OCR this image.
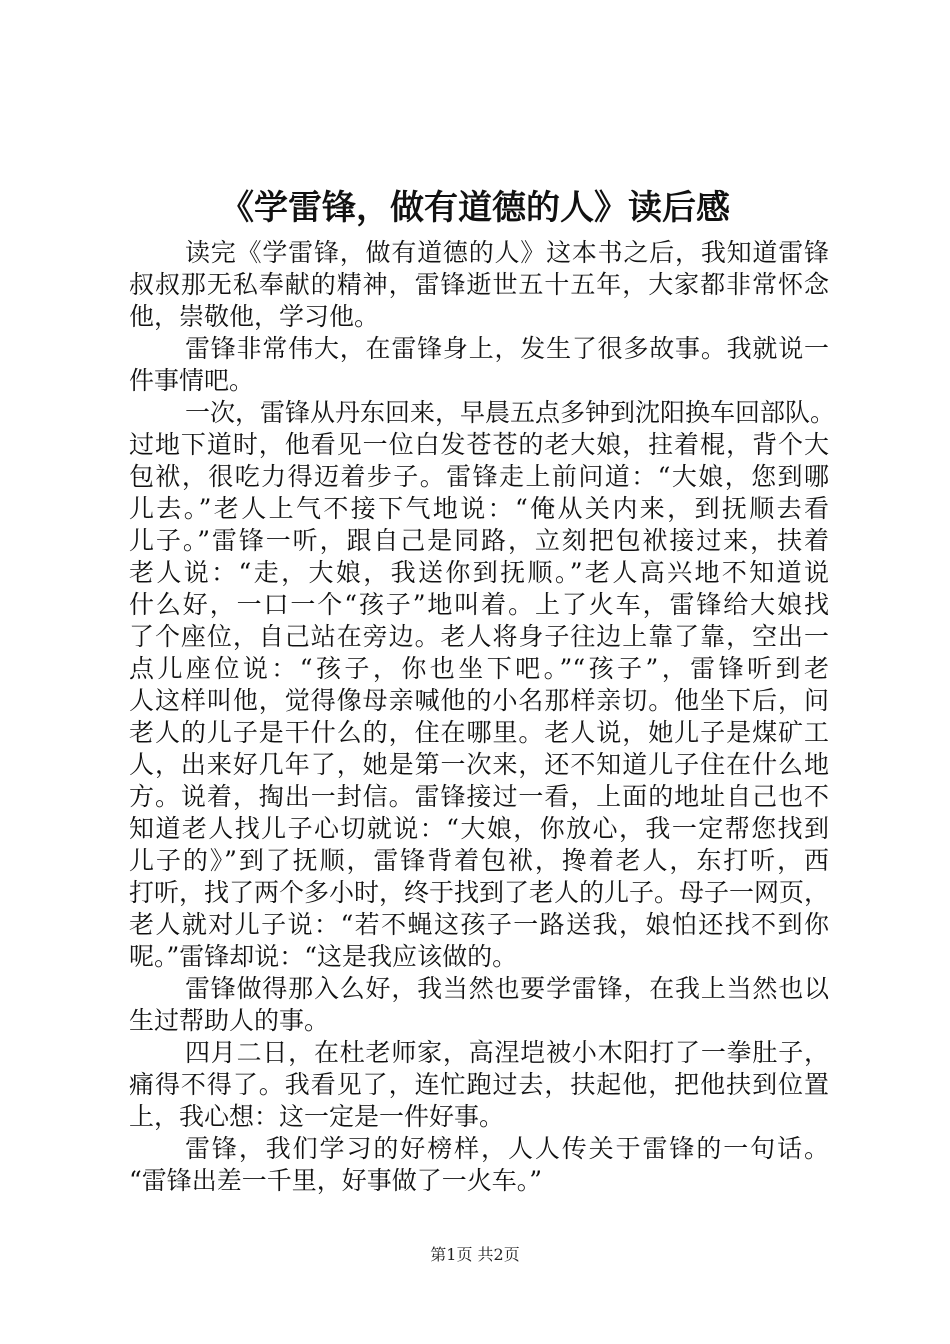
《学雷锋，做有道德的人》读后感
读完《学雷锋，做有道德的人》这本书之后，我知道雷锋
叔叔那无私奉献的精神，雷锋逝世五十五年，大家都非常怀念
他，崇敬他，学习他。
雷锋非常伟大，在雷锋身上，发生了很多故事。我就说一
件事情吧。
一次，雷锋从丹东回来，早晨五点多钟到沈阳换车回部队。
过地下道时，他看见一位白发苍苍的老大娘，拄着棍，背个大
包袱，很吃力得迈着步子。雷锋走上前问道：“大娘，您到哪
儿去。”老人上气不接下气地说：“俺从关内来，到抚顺去看
儿子。”雷锋一听，跟自己是同路，立刻把包袱接过来，扶着
老人说：“走，大娘，我送你到抚顺。”老人高兴地不知道说
什么好，一口一个“孩子”地叫着。上了火车，雷锋给大娘找
了个座位，自己站在旁边。老人将身子往边上靠了靠，空出一
点儿座位说：“孩子，你也坐下吧。”“孩子”，雷锋听到老
人这样叫他，觉得像母亲喊他的小名那样亲切。他坐下后，问
老人的儿子是干什么的，住在哪里。老人说，她儿子是煤矿工
人，出来好几年了，她是第一次来，还不知道儿子住在什么地
方。说着，掏出一封信。雷锋接过一看，上面的地址自己也不
知道老人找儿子心切就说：“大娘，你放心，我一定帮您找到
儿子的》”到了抚顺，雷锋背着包袱，搀着老人，东打听，西
打听，找了两个多小时，终于找到了老人的儿子。母子一网页，
老人就对儿子说：“若不蝇这孩子一路送我，娘怕还找不到你
呢。”雷锋却说：“这是我应该做的。
雷锋做得那入么好，我当然也要学雷锋，在我上当然也以
生过帮助人的事。
四月二日，在杜老师家，高涅垲被小木阳打了一拳肚子，
痛得不得了。我看见了，连忙跑过去，扶起他，把他扶到位置
上，我心想：这一定是一件好事。
雷锋，我们学习的好榜样，人人传关于雷锋的一句话。
“雷锋出差一千里，好事做了一火车。”
第1页 共2页
